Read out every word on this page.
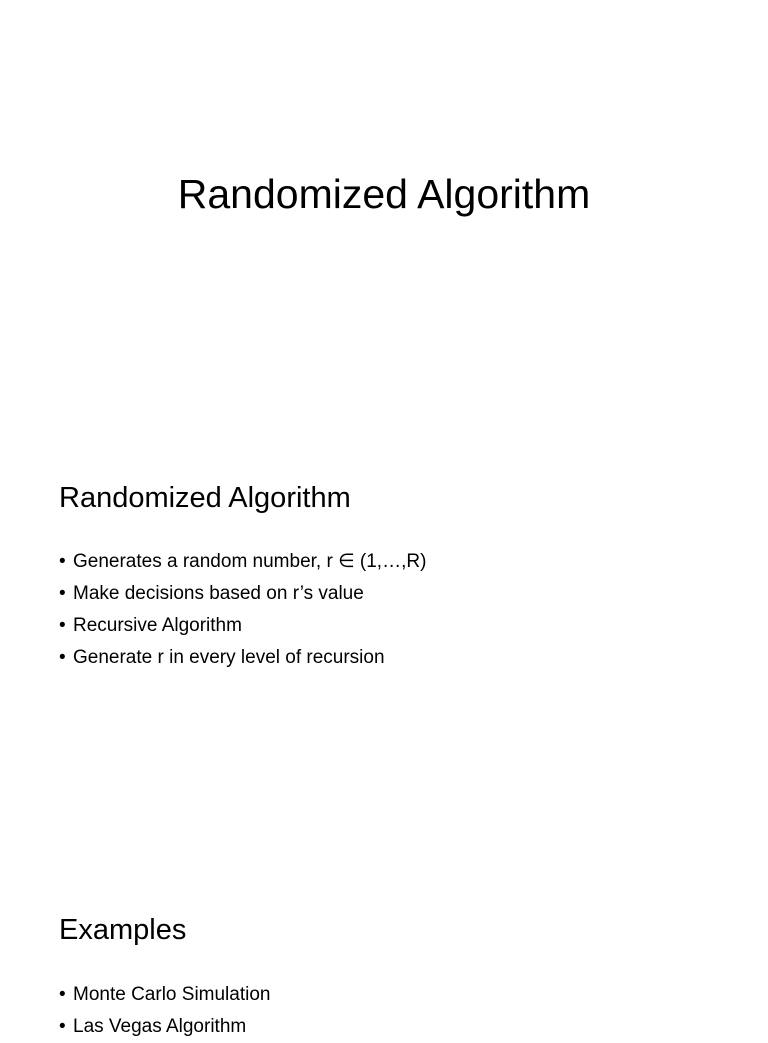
Randomized Algorithm
Randomized Algorithm
• Generates a random number, r ∈ (1,…,R)
• Make decisions based on r’s value
• Recursive Algorithm
• Generate r in every level of recursion
Examples
• Monte Carlo Simulation
• Las Vegas Algorithm
